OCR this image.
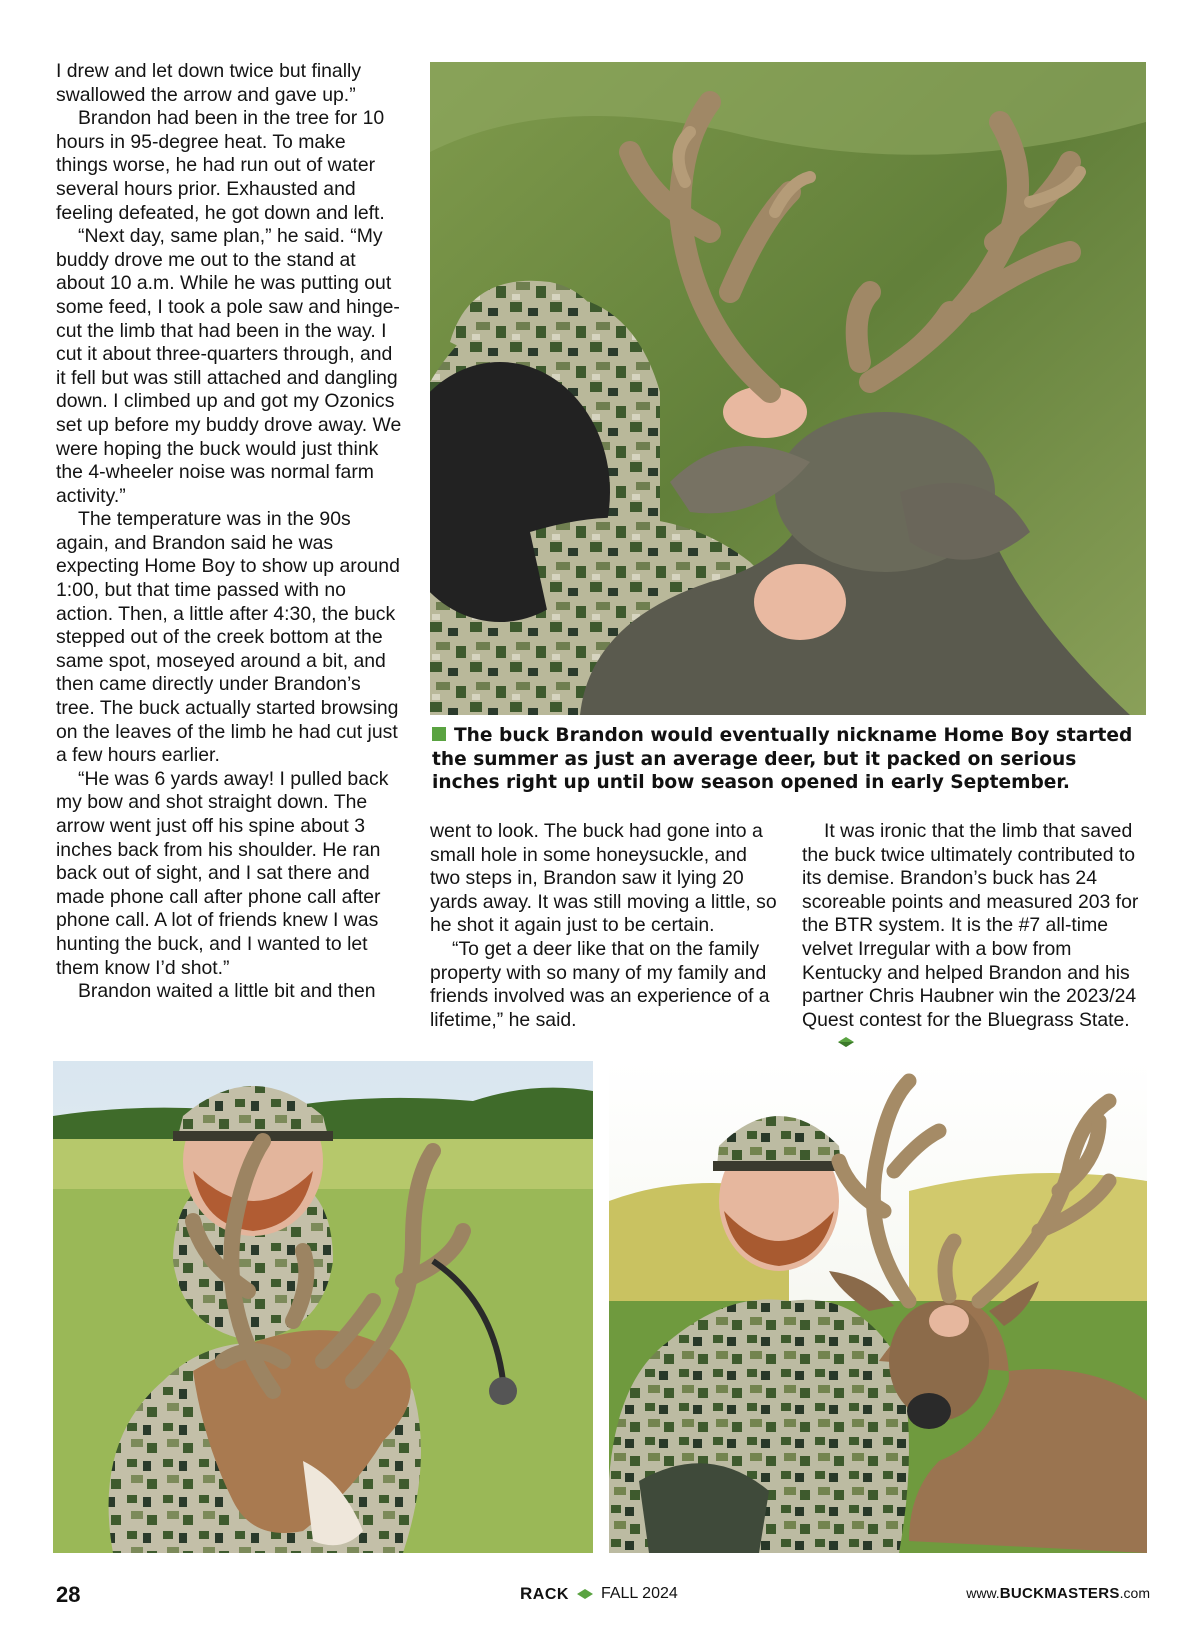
I drew and let down twice but finally swallowed the arrow and gave up.”

Brandon had been in the tree for 10 hours in 95-degree heat. To make things worse, he had run out of water several hours prior. Exhausted and feeling defeated, he got down and left.

“Next day, same plan,” he said. “My buddy drove me out to the stand at about 10 a.m. While he was putting out some feed, I took a pole saw and hinge-cut the limb that had been in the way. I cut it about three-quarters through, and it fell but was still attached and dangling down. I climbed up and got my Ozonics set up before my buddy drove away. We were hoping the buck would just think the 4-wheeler noise was normal farm activity.”

The temperature was in the 90s again, and Brandon said he was expecting Home Boy to show up around 1:00, but that time passed with no action. Then, a little after 4:30, the buck stepped out of the creek bottom at the same spot, moseyed around a bit, and then came directly under Brandon’s tree. The buck actually started browsing on the leaves of the limb he had cut just a few hours earlier.

“He was 6 yards away! I pulled back my bow and shot straight down. The arrow went just off his spine about 3 inches back from his shoulder. He ran back out of sight, and I sat there and made phone call after phone call after phone call. A lot of friends knew I was hunting the buck, and I wanted to let them know I’d shot.”

Brandon waited a little bit and then

The buck Brandon would eventually nickname Home Boy started the summer as just an average deer, but it packed on serious inches right up until bow season opened in early September.

went to look. The buck had gone into a small hole in some honeysuckle, and two steps in, Brandon saw it lying 20 yards away. It was still moving a little, so he shot it again just to be certain.

“To get a deer like that on the family property with so many of my family and friends involved was an experience of a lifetime,” he said.

It was ironic that the limb that saved the buck twice ultimately contributed to its demise. Brandon’s buck has 24 scoreable points and measured 203 for the BTR system. It is the #7 all-time velvet Irregular with a bow from Kentucky and helped Brandon and his partner Chris Haubner win the 2023/24 Quest contest for the Bluegrass State.

28	RACK FALL 2024	www.BUCKMASTERS.com
